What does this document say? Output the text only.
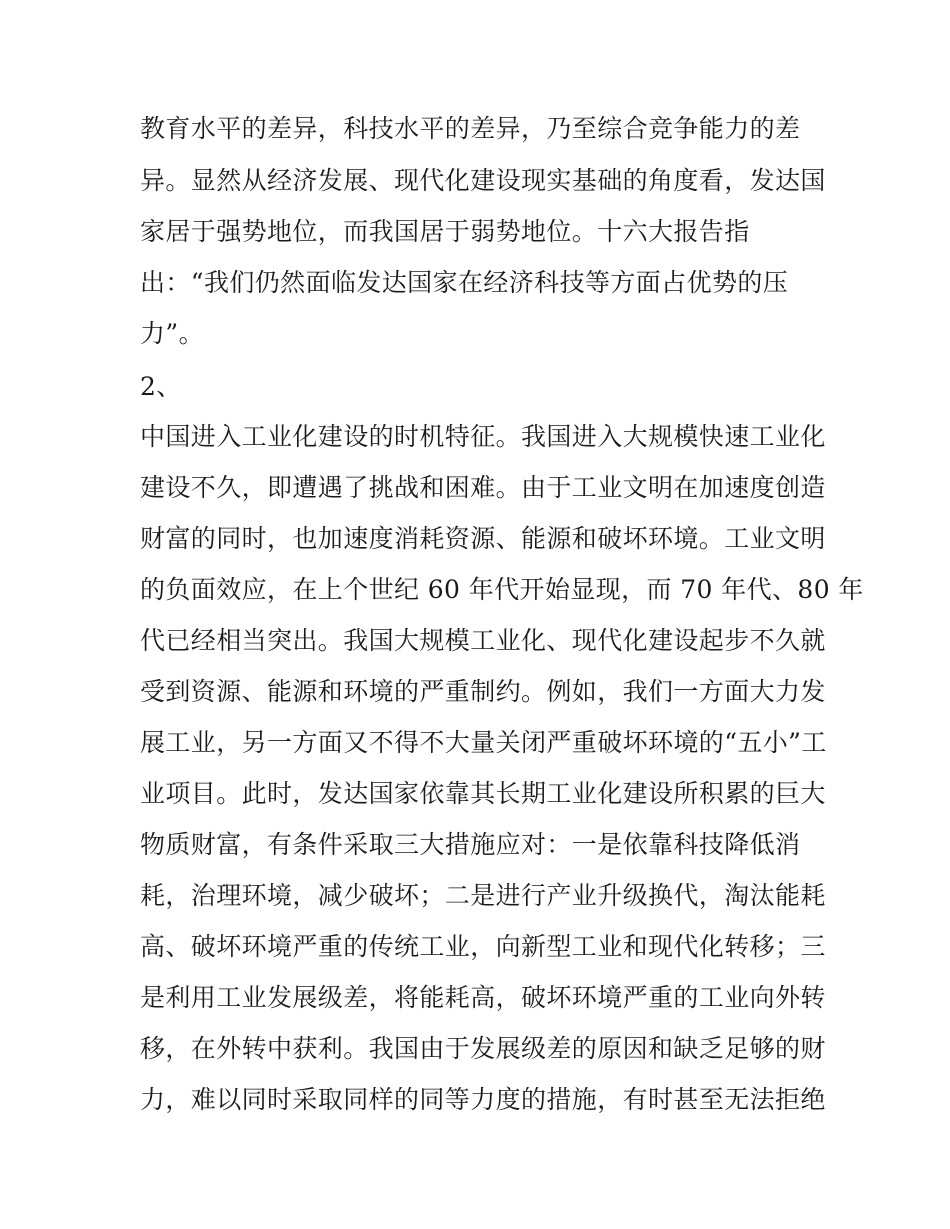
教育水平的差异，科技水平的差异，乃至综合竞争能力的差
异。显然从经济发展、现代化建设现实基础的角度看，发达国
家居于强势地位，而我国居于弱势地位。十六大报告指
出：“我们仍然面临发达国家在经济科技等方面占优势的压
力”。
2、
中国进入工业化建设的时机特征。我国进入大规模快速工业化
建设不久，即遭遇了挑战和困难。由于工业文明在加速度创造
财富的同时，也加速度消耗资源、能源和破坏环境。工业文明
的负面效应，在上个世纪 60 年代开始显现，而 70 年代、80 年
代已经相当突出。我国大规模工业化、现代化建设起步不久就
受到资源、能源和环境的严重制约。例如，我们一方面大力发
展工业，另一方面又不得不大量关闭严重破坏环境的“五小”工
业项目。此时，发达国家依靠其长期工业化建设所积累的巨大
物质财富，有条件采取三大措施应对：一是依靠科技降低消
耗，治理环境，减少破坏；二是进行产业升级换代，淘汰能耗
高、破坏环境严重的传统工业，向新型工业和现代化转移；三
是利用工业发展级差，将能耗高，破坏环境严重的工业向外转
移，在外转中获利。我国由于发展级差的原因和缺乏足够的财
力，难以同时采取同样的同等力度的措施，有时甚至无法拒绝
